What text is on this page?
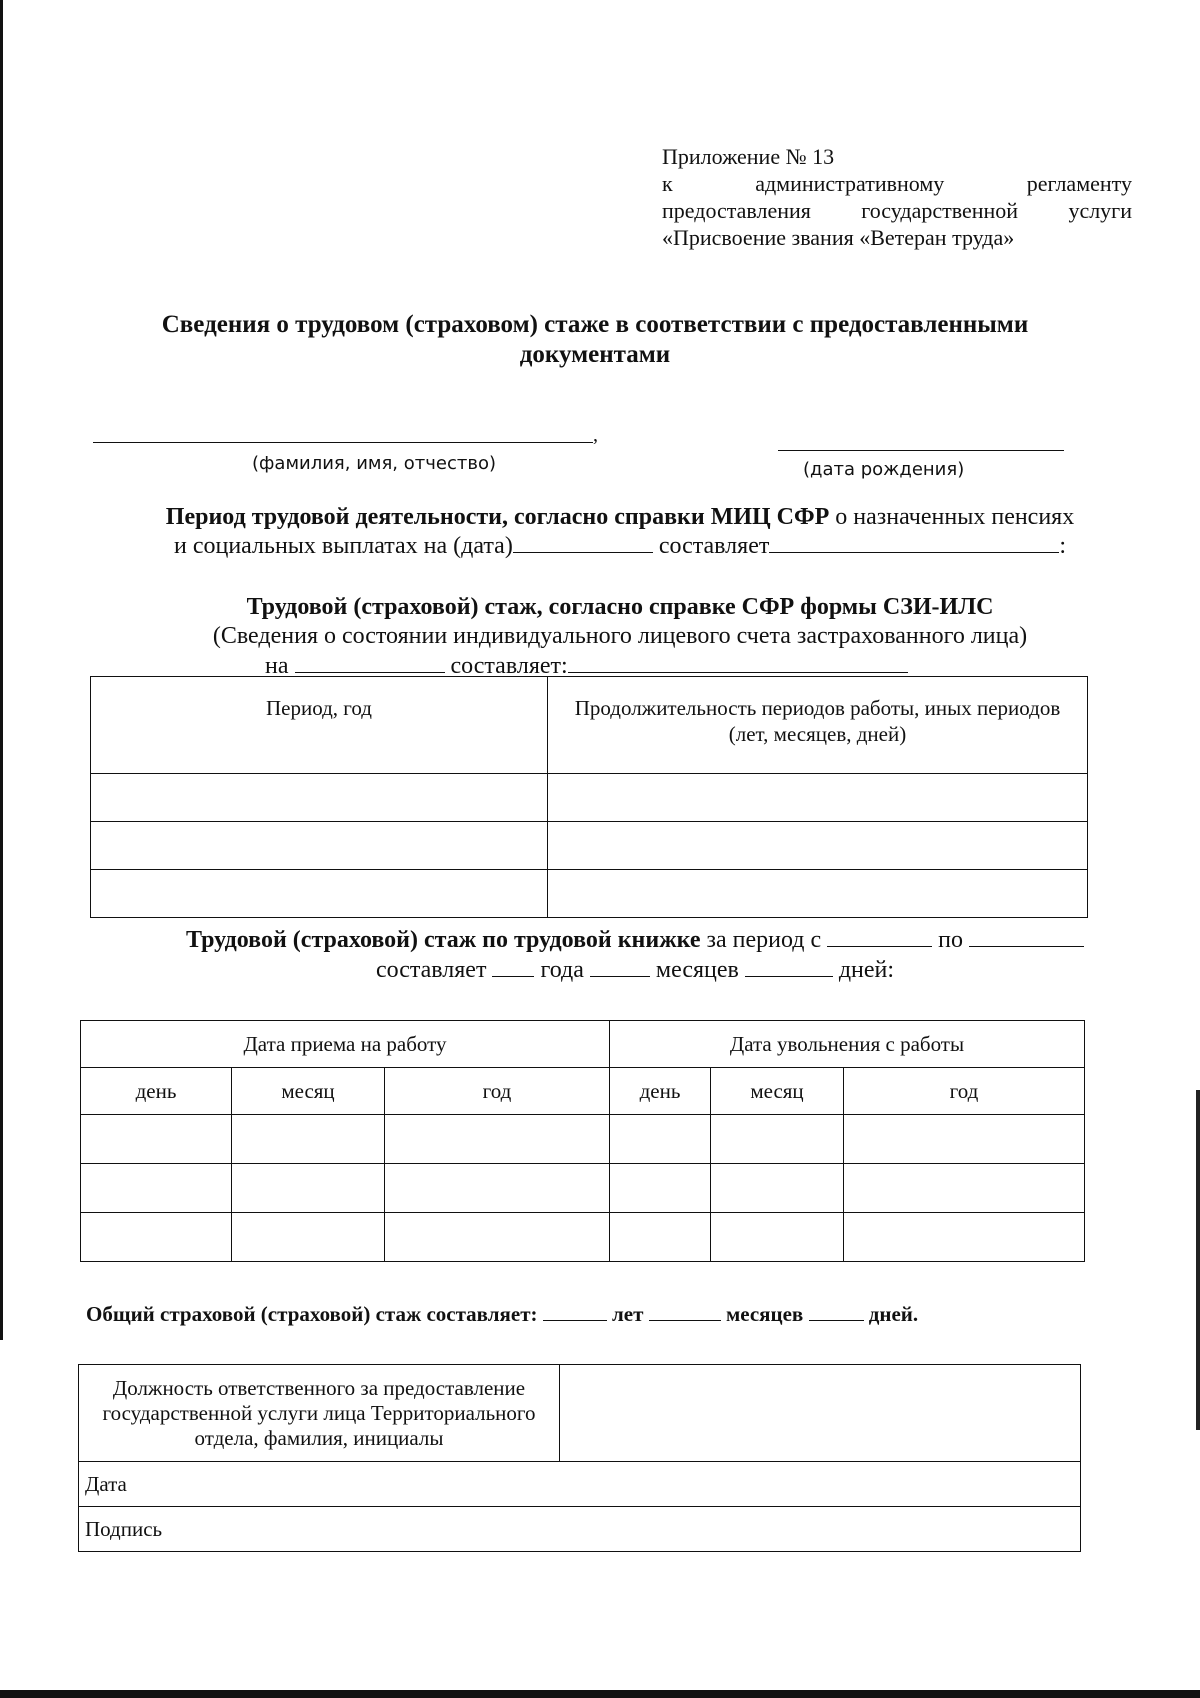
Приложение № 13
к	административному	регламенту
предоставления государственной услуги
«Присвоение звания «Ветеран труда»
Сведения о трудовом (страховом) стаже в соответствии с предоставленными
документами
,
(фамилия, имя, отчество)	(дата рождения)
Период трудовой деятельности, согласно справки МИЦ СФР о назначенных пенсиях
и социальных выплатах на (дата)	составляет	:
Трудовой (страховой) стаж, согласно справке СФР формы СЗИ-ИЛС
(Сведения о состоянии индивидуального лицевого счета застрахованного лица)
на	составляет:
Период, год	Продолжительность периодов работы, иных периодов
(лет, месяцев, дней)

Трудовой (страховой) стаж по трудовой книжке за период с	по
составляет года	месяцев	дней:
Дата приема на работу			Дата увольнения с работы		
день	месяц	год	день	месяц	год

Общий страховой (страховой) стаж составляет:	лет	месяцев	дней.
Должность ответственного за предоставление
государственной услуги лица Территориального
отдела, фамилия, инициалы

Дата
Подпись
